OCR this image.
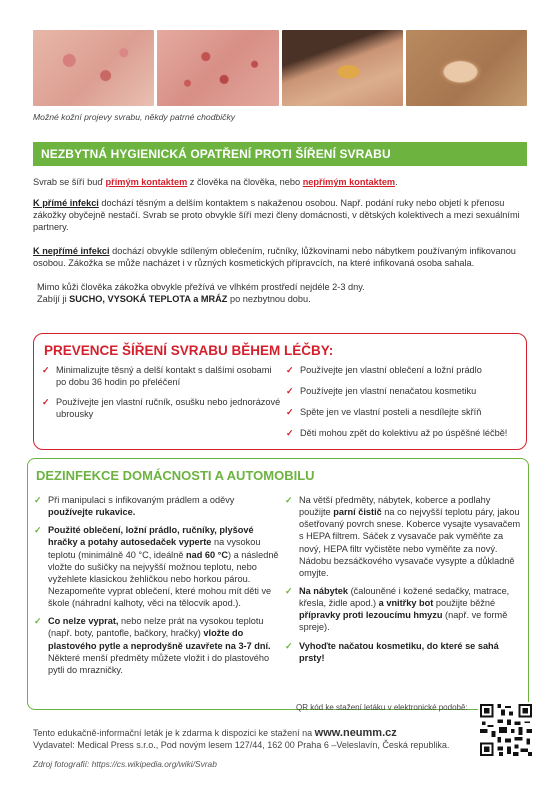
Možné kožní projevy svrabu, někdy patrné chodbičky
NEZBYTNÁ HYGIENICKÁ OPATŘENÍ PROTI ŠÍŘENÍ SVRABU
Svrab se šíří buď přímým kontaktem z člověka na člověka, nebo nepřímým kontaktem.
K přímé infekci dochází těsným a delším kontaktem s nakaženou osobou. Např. podání ruky nebo objetí k přenosu zákožky obyčejně nestačí. Svrab se proto obvykle šíří mezi členy domácnosti, v dětských kolektivech a mezi sexuálními partnery.
K nepřímé infekci dochází obvykle sdíleným oblečením, ručníky, lůžkovinami nebo nábytkem používaným infikovanou osobou. Zákožka se může nacházet i v různých kosmetických přípravcích, na které infikovaná osoba sahala.
Mimo kůži člověka zákožka obvykle přežívá ve vlhkém prostředí nejdéle 2-3 dny.
Zabíjí ji SUCHO, VYSOKÁ TEPLOTA a MRÁZ po nezbytnou dobu.
PREVENCE ŠÍŘENÍ SVRABU BĚHEM LÉČBY:
✓ Minimalizujte těsný a delší kontakt s dalšími osobami po dobu 36 hodin po přeléčení
✓ Používejte jen vlastní ručník, osušku nebo jednorázové ubrousky
✓ Používejte jen vlastní oblečení a ložní prádlo
✓ Používejte jen vlastní nenačatou kosmetiku
✓ Spěte jen ve vlastní posteli a nesdílejte skříň
✓ Děti mohou zpět do kolektivu až po úspěšné léčbě!
DEZINFEKCE DOMÁCNOSTI A AUTOMOBILU
✓ Při manipulaci s infikovaným prádlem a oděvy používejte rukavice.
✓ Použité oblečení, ložní prádlo, ručníky, plyšové hračky a potahy autosedaček vyperte na vysokou teplotu (minimálně 40 °C, ideálně nad 60 °C) a následně vložte do sušičky na nejvyšší možnou teplotu, nebo vyžehlete klasickou žehličkou nebo horkou párou. Nezapomeňte vyprat oblečení, které mohou mít děti ve škole (náhradní kalhoty, věci na tělocvik apod.).
✓ Co nelze vyprat, nebo nelze prát na vysokou teplotu (např. boty, pantofle, bačkory, hračky) vložte do plastového pytle a neprodyšně uzavřete na 3-7 dní. Některé menší předměty můžete vložit i do plastového pytli do mrazničky.
✓ Na větší předměty, nábytek, koberce a podlahy použijte parní čistič na co nejvyšší teplotu páry, jakou ošetřovaný povrch snese. Koberce vysajte vysavačem s HEPA filtrem. Sáček z vysavače pak vyměňte za nový, HEPA filtr vyčistěte nebo vyměňte za nový. Nádobu bezsáčkového vysavače vysypte a důkladně omyjte.
✓ Na nábytek (čalouněné i kožené sedačky, matrace, křesla, židle apod.) a vnitřky bot použijte běžné přípravky proti lezoucímu hmyzu (např. ve formě spreje).
✓ Vyhoďte načatou kosmetiku, do které se sahá prsty!
QR kód ke stažení letáku v elektronické podobě:
Tento edukačně-informační leták je k zdarma k dispozici ke stažení na www.neumm.cz
Vydavatel: Medical Press s.r.o., Pod novým lesem 127/44, 162 00 Praha 6 –Veleslavín, Česká republika.
Zdroj fotografií: https://cs.wikipedia.org/wiki/Svrab
